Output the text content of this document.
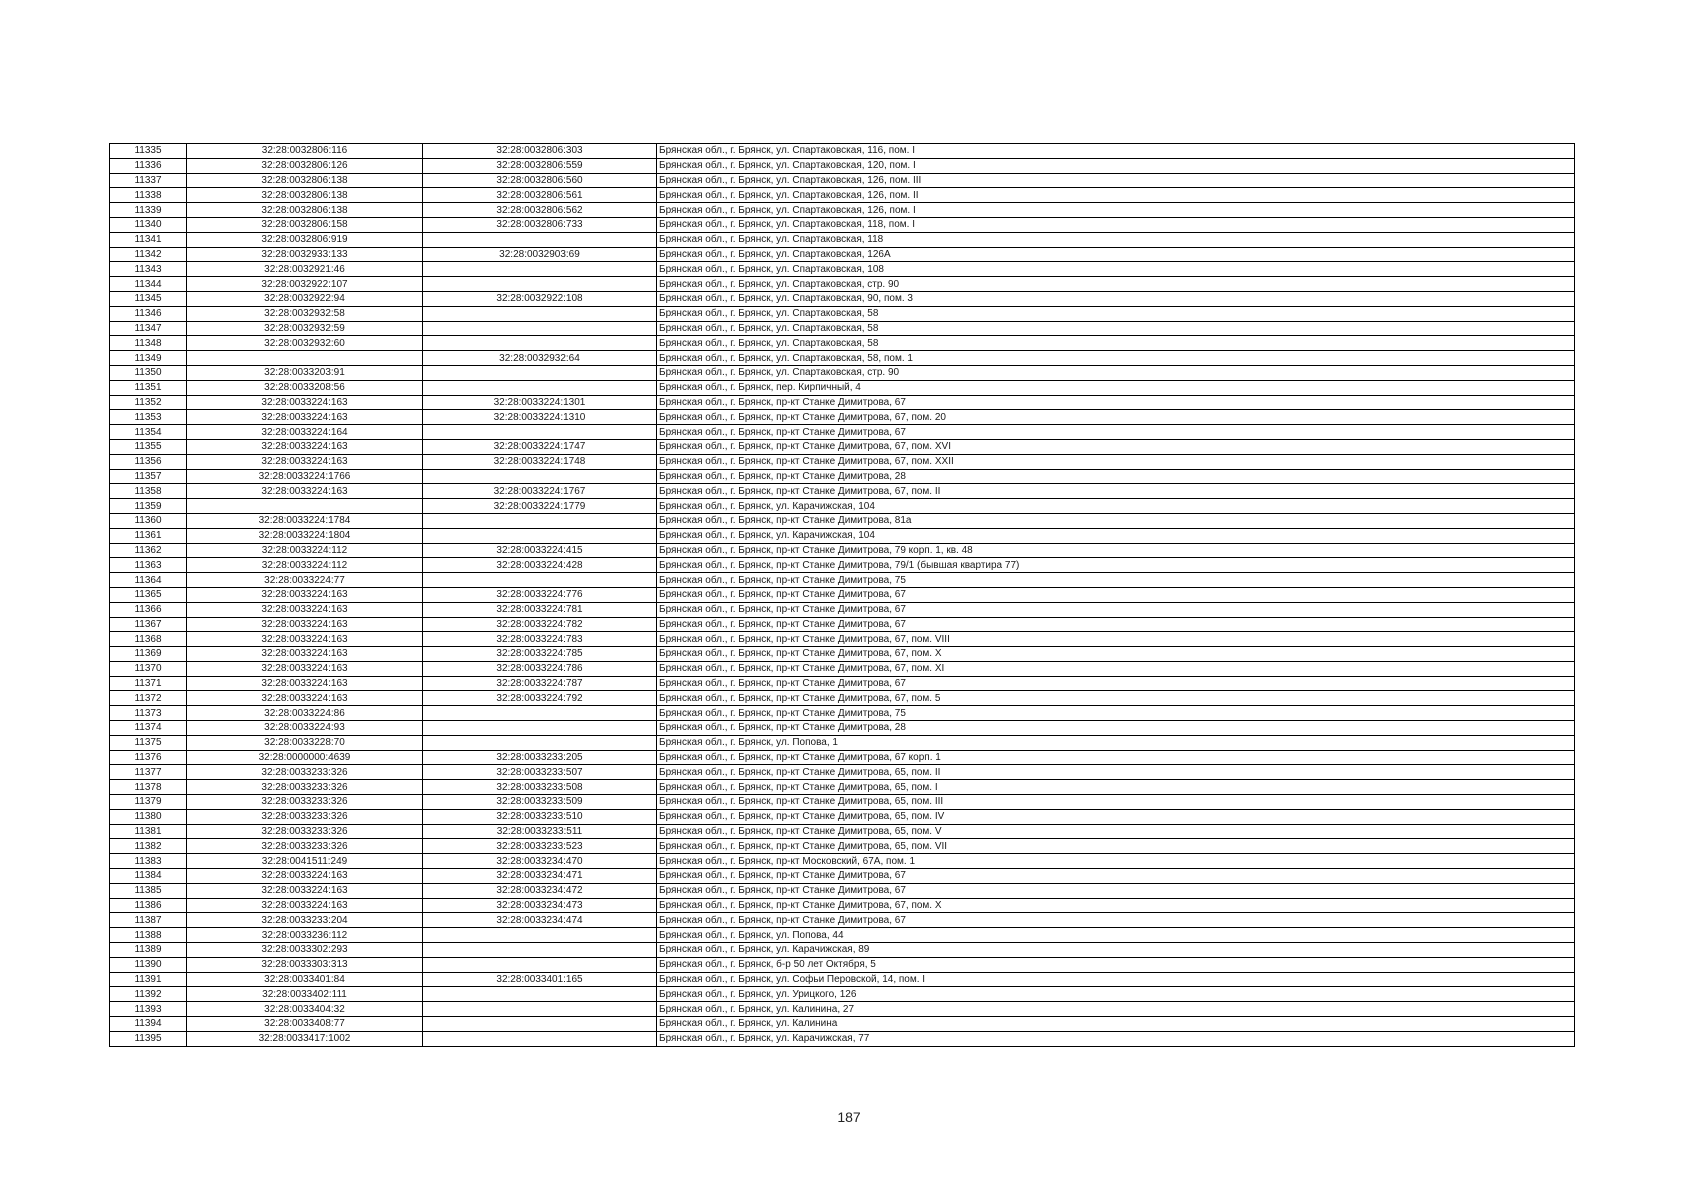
11335	32:28:0032806:116	32:28:0032806:303	Брянская обл., г. Брянск, ул. Спартаковская, 116, пом. I
11336	32:28:0032806:126	32:28:0032806:559	Брянская обл., г. Брянск, ул. Спартаковская, 120, пом. I
11337	32:28:0032806:138	32:28:0032806:560	Брянская обл., г. Брянск, ул. Спартаковская, 126, пом. III
11338	32:28:0032806:138	32:28:0032806:561	Брянская обл., г. Брянск, ул. Спартаковская, 126, пом. II
11339	32:28:0032806:138	32:28:0032806:562	Брянская обл., г. Брянск, ул. Спартаковская, 126, пом. I
11340	32:28:0032806:158	32:28:0032806:733	Брянская обл., г. Брянск, ул. Спартаковская, 118, пом. I
11341	32:28:0032806:919		Брянская обл., г. Брянск, ул. Спартаковская, 118
11342	32:28:0032933:133	32:28:0032903:69	Брянская обл., г. Брянск, ул. Спартаковская, 126А
11343	32:28:0032921:46		Брянская обл., г. Брянск, ул. Спартаковская, 108
11344	32:28:0032922:107		Брянская обл., г. Брянск, ул. Спартаковская, стр. 90
11345	32:28:0032922:94	32:28:0032922:108	Брянская обл., г. Брянск, ул. Спартаковская, 90, пом. 3
11346	32:28:0032932:58		Брянская обл., г. Брянск, ул. Спартаковская, 58
11347	32:28:0032932:59		Брянская обл., г. Брянск, ул. Спартаковская, 58
11348	32:28:0032932:60		Брянская обл., г. Брянск, ул. Спартаковская, 58
11349		32:28:0032932:64	Брянская обл., г. Брянск, ул. Спартаковская, 58, пом. 1
11350	32:28:0033203:91		Брянская обл., г. Брянск, ул. Спартаковская, стр. 90
11351	32:28:0033208:56		Брянская обл., г. Брянск, пер. Кирпичный, 4
11352	32:28:0033224:163	32:28:0033224:1301	Брянская обл., г. Брянск, пр-кт Станке Димитрова, 67
11353	32:28:0033224:163	32:28:0033224:1310	Брянская обл., г. Брянск, пр-кт Станке Димитрова, 67, пом. 20
11354	32:28:0033224:164		Брянская обл., г. Брянск, пр-кт Станке Димитрова, 67
11355	32:28:0033224:163	32:28:0033224:1747	Брянская обл., г. Брянск, пр-кт Станке Димитрова, 67, пом. XVI
11356	32:28:0033224:163	32:28:0033224:1748	Брянская обл., г. Брянск, пр-кт Станке Димитрова, 67, пом. XXII
11357	32:28:0033224:1766		Брянская обл., г. Брянск, пр-кт Станке Димитрова, 28
11358	32:28:0033224:163	32:28:0033224:1767	Брянская обл., г. Брянск, пр-кт Станке Димитрова, 67, пом. II
11359		32:28:0033224:1779	Брянская обл., г. Брянск, ул. Карачижская, 104
11360	32:28:0033224:1784		Брянская обл., г. Брянск, пр-кт Станке Димитрова, 81а
11361	32:28:0033224:1804		Брянская обл., г. Брянск, ул. Карачижская, 104
11362	32:28:0033224:112	32:28:0033224:415	Брянская обл., г. Брянск, пр-кт Станке Димитрова, 79 корп. 1, кв. 48
11363	32:28:0033224:112	32:28:0033224:428	Брянская обл., г. Брянск, пр-кт Станке Димитрова, 79/1 (бывшая квартира 77)
11364	32:28:0033224:77		Брянская обл., г. Брянск, пр-кт Станке Димитрова, 75
11365	32:28:0033224:163	32:28:0033224:776	Брянская обл., г. Брянск, пр-кт Станке Димитрова, 67
11366	32:28:0033224:163	32:28:0033224:781	Брянская обл., г. Брянск, пр-кт Станке Димитрова, 67
11367	32:28:0033224:163	32:28:0033224:782	Брянская обл., г. Брянск, пр-кт Станке Димитрова, 67
11368	32:28:0033224:163	32:28:0033224:783	Брянская обл., г. Брянск, пр-кт Станке Димитрова, 67, пом. VIII
11369	32:28:0033224:163	32:28:0033224:785	Брянская обл., г. Брянск, пр-кт Станке Димитрова, 67, пом. X
11370	32:28:0033224:163	32:28:0033224:786	Брянская обл., г. Брянск, пр-кт Станке Димитрова, 67, пом. XI
11371	32:28:0033224:163	32:28:0033224:787	Брянская обл., г. Брянск, пр-кт Станке Димитрова, 67
11372	32:28:0033224:163	32:28:0033224:792	Брянская обл., г. Брянск, пр-кт Станке Димитрова, 67, пом. 5
11373	32:28:0033224:86		Брянская обл., г. Брянск, пр-кт Станке Димитрова, 75
11374	32:28:0033224:93		Брянская обл., г. Брянск, пр-кт Станке Димитрова, 28
11375	32:28:0033228:70		Брянская обл., г. Брянск, ул. Попова, 1
11376	32:28:0000000:4639	32:28:0033233:205	Брянская обл., г. Брянск, пр-кт Станке Димитрова, 67 корп. 1
11377	32:28:0033233:326	32:28:0033233:507	Брянская обл., г. Брянск, пр-кт Станке Димитрова, 65, пом. II
11378	32:28:0033233:326	32:28:0033233:508	Брянская обл., г. Брянск, пр-кт Станке Димитрова, 65, пом. I
11379	32:28:0033233:326	32:28:0033233:509	Брянская обл., г. Брянск, пр-кт Станке Димитрова, 65, пом. III
11380	32:28:0033233:326	32:28:0033233:510	Брянская обл., г. Брянск, пр-кт Станке Димитрова, 65, пом. IV
11381	32:28:0033233:326	32:28:0033233:511	Брянская обл., г. Брянск, пр-кт Станке Димитрова, 65, пом. V
11382	32:28:0033233:326	32:28:0033233:523	Брянская обл., г. Брянск, пр-кт Станке Димитрова, 65, пом. VII
11383	32:28:0041511:249	32:28:0033234:470	Брянская обл., г. Брянск, пр-кт Московский, 67А, пом. 1
11384	32:28:0033224:163	32:28:0033234:471	Брянская обл., г. Брянск, пр-кт Станке Димитрова, 67
11385	32:28:0033224:163	32:28:0033234:472	Брянская обл., г. Брянск, пр-кт Станке Димитрова, 67
11386	32:28:0033224:163	32:28:0033234:473	Брянская обл., г. Брянск, пр-кт Станке Димитрова, 67, пом. X
11387	32:28:0033233:204	32:28:0033234:474	Брянская обл., г. Брянск, пр-кт Станке Димитрова, 67
11388	32:28:0033236:112		Брянская обл., г. Брянск, ул. Попова, 44
11389	32:28:0033302:293		Брянская обл., г. Брянск, ул. Карачижская, 89
11390	32:28:0033303:313		Брянская обл., г. Брянск, б-р 50 лет Октября, 5
11391	32:28:0033401:84	32:28:0033401:165	Брянская обл., г. Брянск, ул. Софьи Перовской, 14, пом. I
11392	32:28:0033402:111		Брянская обл., г. Брянск, ул. Урицкого, 126
11393	32:28:0033404:32		Брянская обл., г. Брянск, ул. Калинина, 27
11394	32:28:0033408:77		Брянская обл., г. Брянск, ул. Калинина
11395	32:28:0033417:1002		Брянская обл., г. Брянск, ул. Карачижская, 77
187
